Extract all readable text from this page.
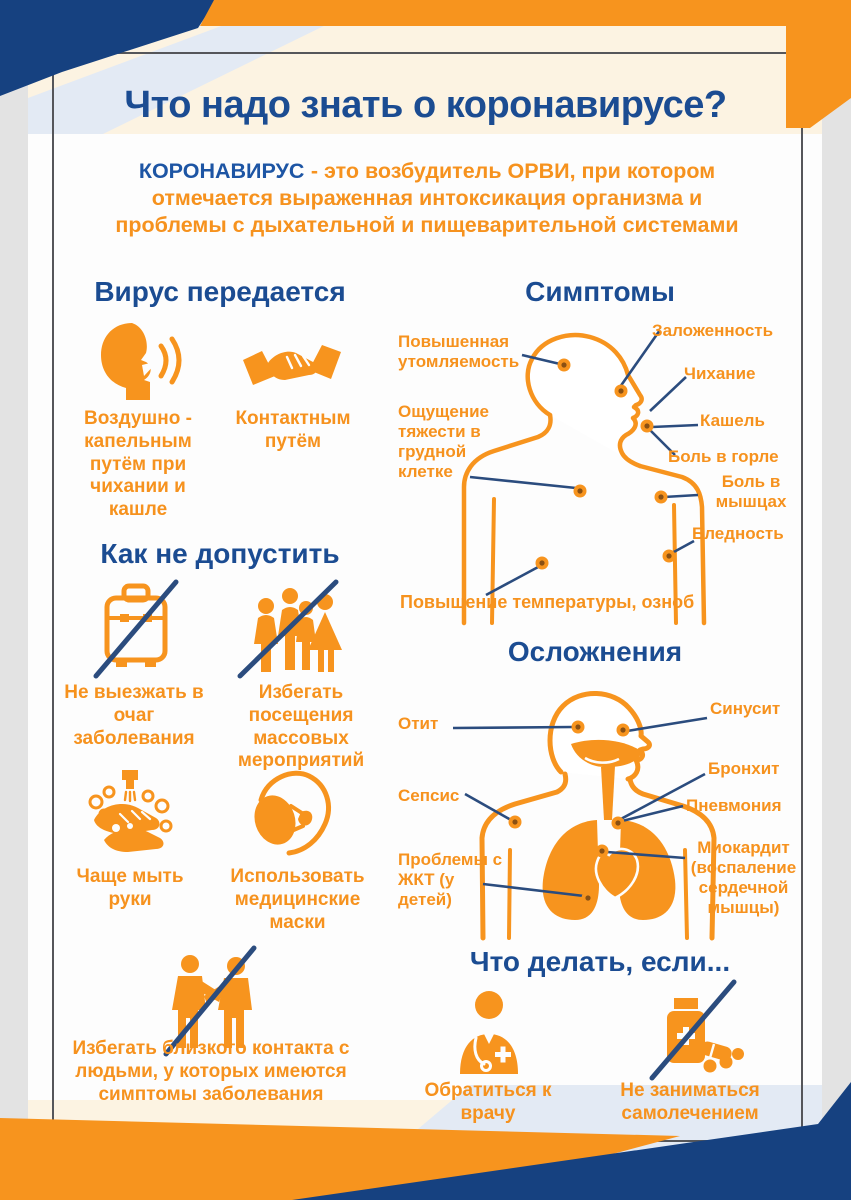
Что надо знать о коронавирусе?
КОРОНАВИРУС - это возбудитель ОРВИ, при котором
отмечается выраженная интоксикация организма и
проблемы с дыхательной и пищеварительной системами
Вирус передается
Воздушно - капельным путём при чихании и кашле
Контактным путём
Симптомы
Повышенная утомляемость
Заложенность
Чихание
Кашель
Ощущение тяжести в грудной клетке
Боль в горле
Боль в мышцах
Бледность
Повышение температуры, озноб
Как не допустить
Не выезжать в очаг заболевания
Избегать посещения массовых мероприятий
Чаще мыть руки
Использовать медицинские маски
Избегать близкого контакта с людьми, у которых имеются симптомы заболевания
Осложнения
Отит
Синусит
Бронхит
Сепсис
Пневмония
Миокардит (воспаление сердечной мышцы)
Проблемы с ЖКТ (у детей)
Что делать, если...
Обратиться к врачу
Не заниматься самолечением
